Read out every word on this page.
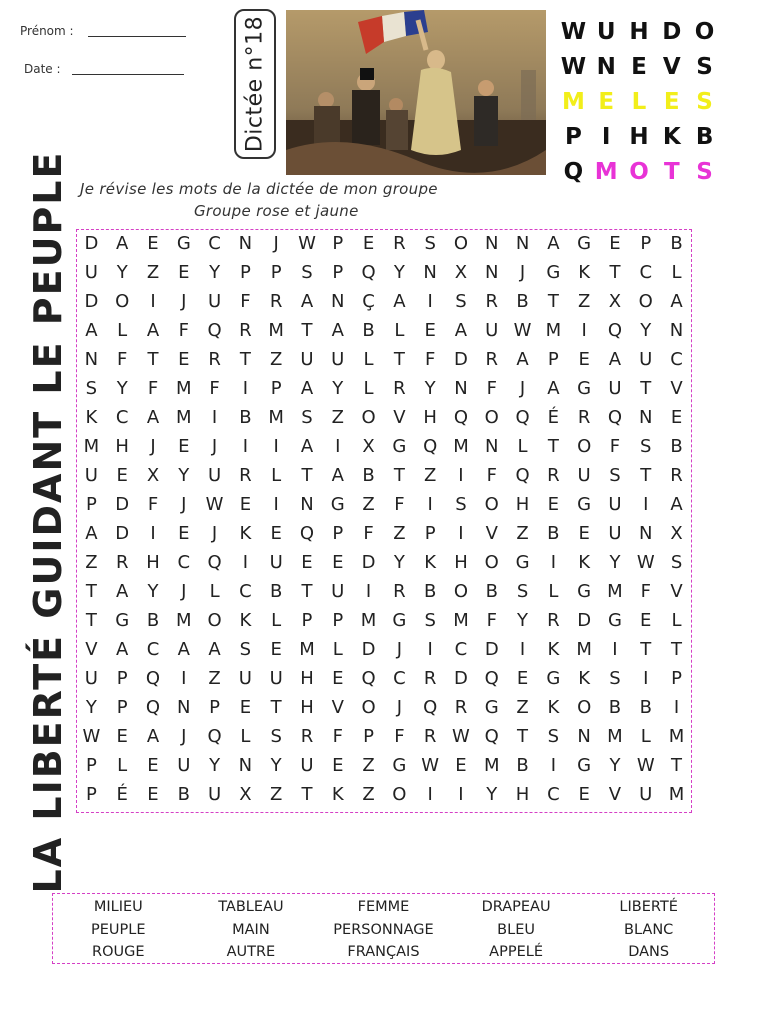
Prénom :
Date :	Dictée n°18	W U H D O
W N E V S
M E L E S
P I H K B
Q M O T S
Je révise les mots de la dictée de mon groupe
Groupe rose et jaune
LA LIBERTÉ GUIDANT LE PEUPLE D A	E	G C N	J	W P	E	R	S	O N N A G	E	P	B
U	Y	Z	E	Y	P	P	S	P	Q	Y	N X N	J	G K	T	C	L
D O	I	J	U	F	R	A N Ç	A	I	S	R	B	T	Z	X O A
A	L	A	F	Q R M T	A	B	L	E	A	U W M	I	Q	Y	N
N	F	T	E	R	T	Z	U U	L	T	F	D R	A	P	E	A	U C
S	Y	F M F	I	P	A	Y	L	R	Y	N	F	J	A G U	T	V
K	C	A M	I	B M S	Z O V H Q O Q	É	R Q N	E
M H	J	E	J	I	I	A	I	X G Q M N	L	T	O	F	S	B
U	E	X	Y	U R	L	T	A	B	T	Z	I	F	Q R U	S	T	R
P	D	F	J	W E	I	N G Z	F	I	S	O H	E	G U	I	A
A D	I	E	J	K	E	Q	P	F	Z	P	I	V	Z	B	E	U N X
Z	R H C Q	I	U	E	E	D	Y	K	H O G	I	K	Y W S
T	A	Y	J	L	C	B	T	U	I	R	B O B	S	L	G M F	V
T	G B M O K	L	P	P M G	S M F	Y	R D G	E	L
V	A	C	A	A	S	E M	L	D	J	I	C D	I	K M	I	T	T
U	P	Q	I	Z	U U H	E	Q C	R D Q	E	G K	S	I	P
Y	P	Q N	P	E	T	H V O	J	Q R G Z	K O B	B	I
W E	A	J	Q	L	S	R	F	P	F	R W Q	T	S	N M	L	M
P	L	E	U	Y	N	Y	U	E	Z G W E M B	I	G	Y W T
P	É	E	B	U	X	Z	T	K	Z O	I	I	Y	H C	E	V	U M
MILIEU	TABLEAU	FEMME	DRAPEAU	LIBERTÉ
PEUPLE	MAIN	PERSONNAGE	BLEU	BLANC
ROUGE	AUTRE	FRANÇAIS	APPELÉ	DANS
